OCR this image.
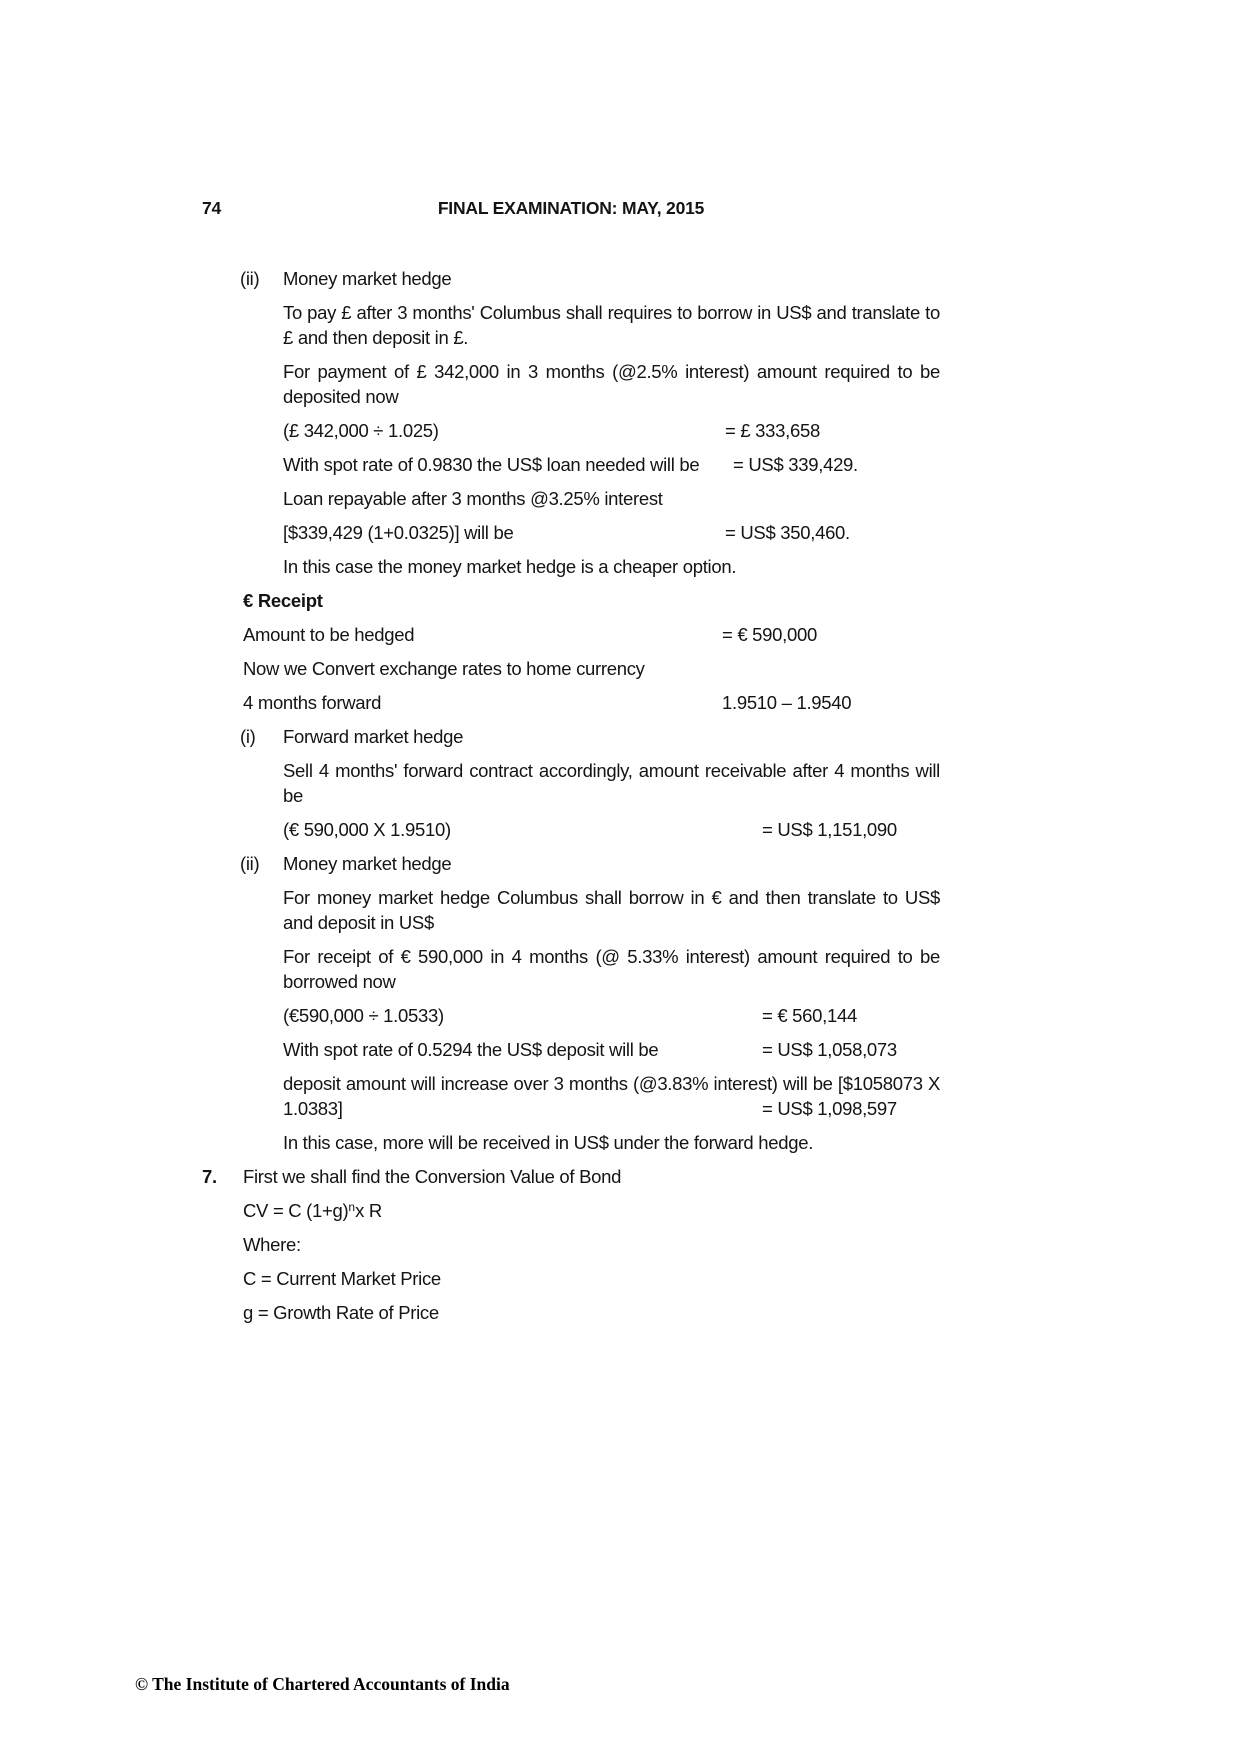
74	FINAL EXAMINATION: MAY, 2015
(ii)	Money market hedge

To pay £ after 3 months' Columbus shall requires to borrow in US$ and translate to £ and then deposit in £.

For payment of £ 342,000 in 3 months (@2.5% interest) amount required to be deposited now

(£ 342,000 ÷ 1.025)	= £ 333,658
With spot rate of 0.9830 the US$ loan needed will be = US$ 339,429.
Loan repayable after 3 months @3.25% interest
[$339,429 (1+0.0325)] will be	= US$ 350,460.
In this case the money market hedge is a cheaper option.
€ Receipt
Amount to be hedged	= € 590,000
Now we Convert exchange rates to home currency
4 months forward	1.9510 – 1.9540
(i)	Forward market hedge

Sell 4 months' forward contract accordingly, amount receivable after 4 months will be

(€ 590,000 X 1.9510)	= US$ 1,151,090
(ii)	Money market hedge

For money market hedge Columbus shall borrow in € and then translate to US$ and deposit in US$

For receipt of € 590,000 in 4 months (@ 5.33% interest) amount required to be borrowed now

(€590,000 ÷ 1.0533)	= € 560,144
With spot rate of 0.5294 the US$ deposit will be	= US$ 1,058,073
deposit amount will increase over 3 months (@3.83% interest) will be [$1058073 X
1.0383]	= US$ 1,098,597
In this case, more will be received in US$ under the forward hedge.
7.	First we shall find the Conversion Value of Bond
CV = C $(1+g)^nx$ R
Where:
C = Current Market Price
g = Growth Rate of Price
© The Institute of Chartered Accountants of India
